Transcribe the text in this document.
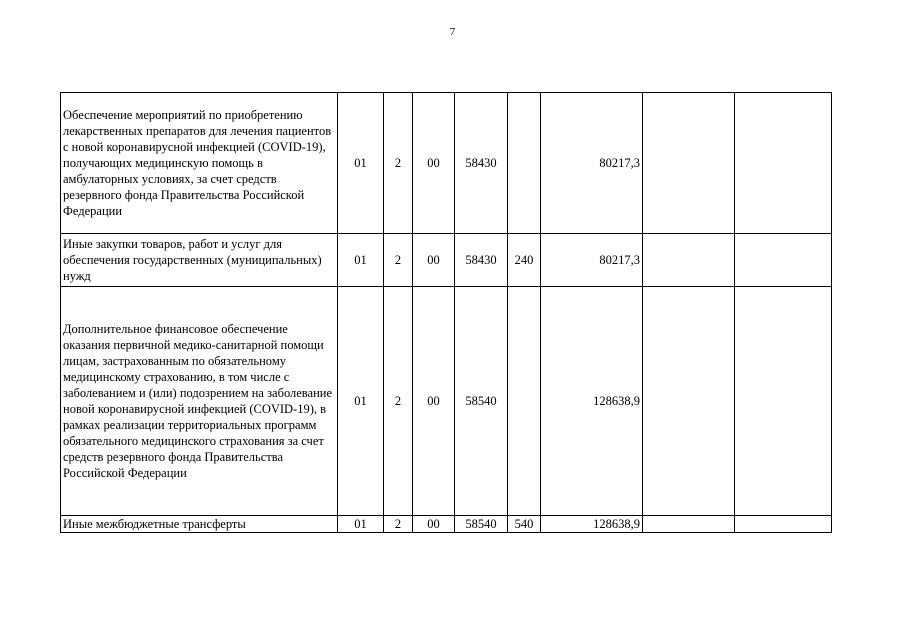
7
Обеспечение мероприятий по приобретению лекарственных препаратов для лечения пациентов с новой коронавирусной инфекцией (COVID-19), получающих медицинскую помощь в амбулаторных условиях, за счет средств резервного фонда Правительства Российской Федерации	01	2	00	58430		80217,3		
Иные закупки товаров, работ и услуг для обеспечения государственных (муниципальных) нужд	01	2	00	58430	240	80217,3		
Дополнительное финансовое обеспечение оказания первичной медико-санитарной помощи лицам, застрахованным по обязательному медицинскому страхованию, в том числе с заболеванием и (или) подозрением на заболевание новой коронавирусной инфекцией (COVID-19), в рамках реализации территориальных программ обязательного медицинского страхования за счет средств резервного фонда Правительства Российской Федерации	01	2	00	58540		128638,9		
Иные межбюджетные трансферты	01	2	00	58540	540	128638,9		
